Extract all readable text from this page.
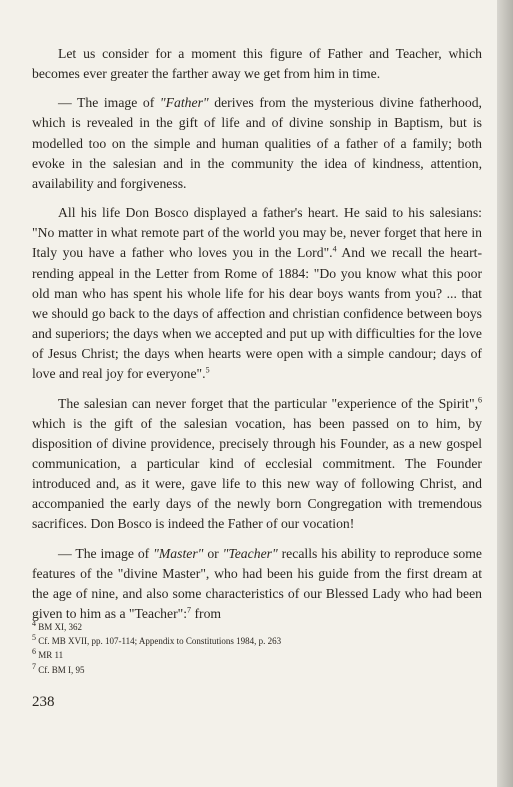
Let us consider for a moment this figure of Father and Teacher, which becomes ever greater the farther away we get from him in time.

— The image of "Father" derives from the mysterious divine fatherhood, which is revealed in the gift of life and of divine sonship in Baptism, but is modelled too on the simple and human qualities of a father of a family; both evoke in the salesian and in the community the idea of kindness, attention, availability and forgiveness.

All his life Don Bosco displayed a father's heart. He said to his salesians: "No matter in what remote part of the world you may be, never forget that here in Italy you have a father who loves you in the Lord".$^4$ And we recall the heart-rending appeal in the Letter from Rome of 1884: "Do you know what this poor old man who has spent his whole life for his dear boys wants from you? ... that we should go back to the days of affection and christian confidence between boys and superiors; the days when we accepted and put up with difficulties for the love of Jesus Christ; the days when hearts were open with a simple candour; days of love and real joy for everyone".$^5$

The salesian can never forget that the particular "experience of the Spirit",$^6$ which is the gift of the salesian vocation, has been passed on to him, by disposition of divine providence, precisely through his Founder, as a new gospel communication, a particular kind of ecclesial commitment. The Founder introduced and, as it were, gave life to this new way of following Christ, and accompanied the early days of the newly born Congregation with tremendous sacrifices. Don Bosco is indeed the Father of our vocation!

— The image of "Master" or "Teacher" recalls his ability to reproduce some features of the "divine Master", who had been his guide from the first dream at the age of nine, and also some characteristics of our Blessed Lady who had been given to him as a "Teacher":$^7$ from

$^4$ BM XI, 362
$^5$ Cf. MB XVII, pp. 107-114; Appendix to Constitutions 1984, p. 263
$^6$ MR 11
$^7$ Cf. BM I, 95
238
